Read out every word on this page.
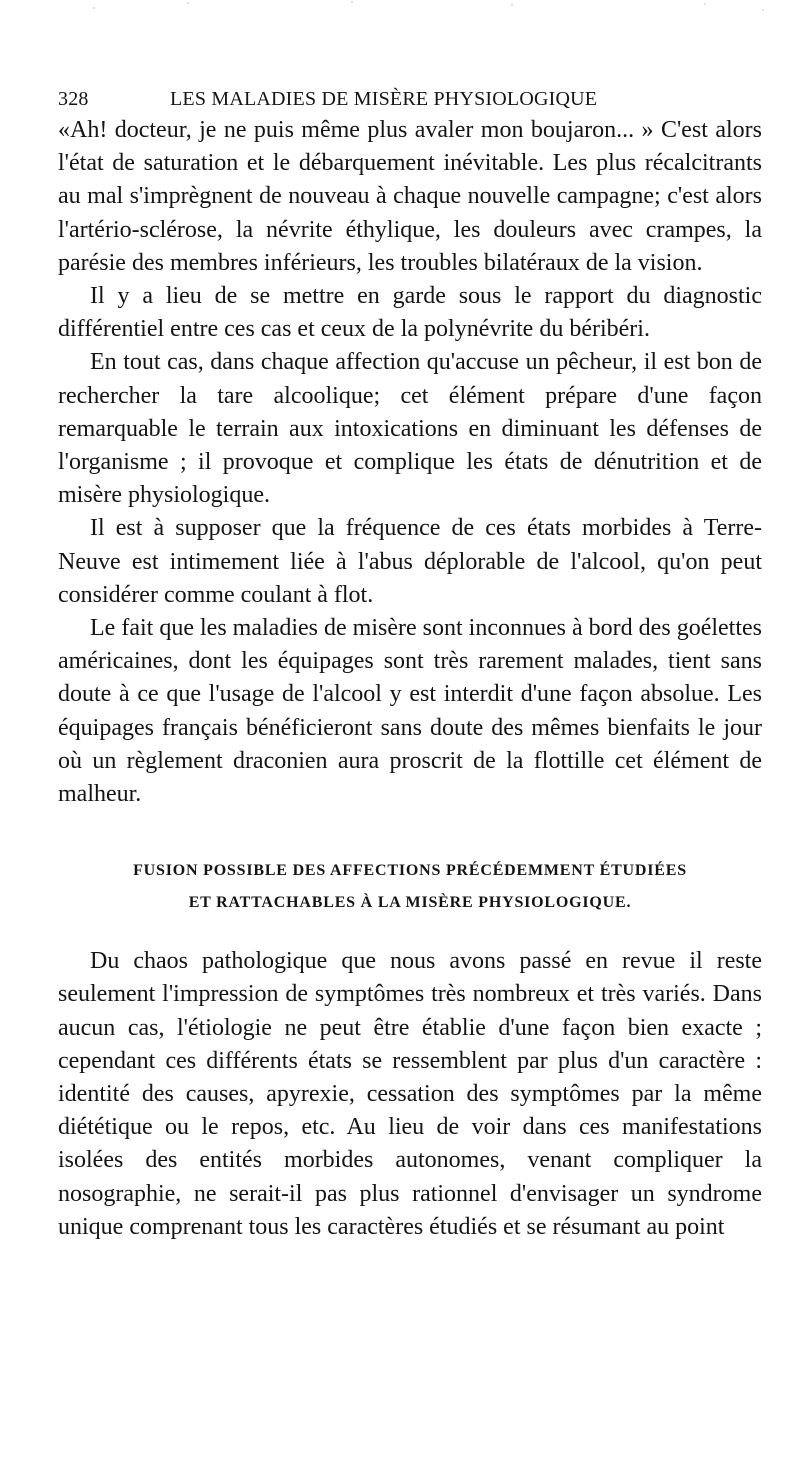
328	LES MALADIES DE MISÈRE PHYSIOLOGIQUE

«Ah! docteur, je ne puis même plus avaler mon boujaron... » C'est alors l'état de saturation et le débarquement inévitable. Les plus récalcitrants au mal s'imprègnent de nouveau à chaque nouvelle campagne; c'est alors l'artério-sclérose, la névrite éthylique, les douleurs avec crampes, la parésie des membres inférieurs, les troubles bilatéraux de la vision.

Il y a lieu de se mettre en garde sous le rapport du diagnostic différentiel entre ces cas et ceux de la polynévrite du béribéri.

En tout cas, dans chaque affection qu'accuse un pêcheur, il est bon de rechercher la tare alcoolique; cet élément prépare d'une façon remarquable le terrain aux intoxications en diminuant les défenses de l'organisme ; il provoque et complique les états de dénutrition et de misère physiologique.

Il est à supposer que la fréquence de ces états morbides à Terre-Neuve est intimement liée à l'abus déplorable de l'alcool, qu'on peut considérer comme coulant à flot.

Le fait que les maladies de misère sont inconnues à bord des goélettes américaines, dont les équipages sont très rarement malades, tient sans doute à ce que l'usage de l'alcool y est interdit d'une façon absolue. Les équipages français bénéficieront sans doute des mêmes bienfaits le jour où un règlement draconien aura proscrit de la flottille cet élément de malheur.

FUSION POSSIBLE DES AFFECTIONS PRÉCÉDEMMENT ÉTUDIÉES
ET RATTACHABLES À LA MISÈRE PHYSIOLOGIQUE.

Du chaos pathologique que nous avons passé en revue il reste seulement l'impression de symptômes très nombreux et très variés. Dans aucun cas, l'étiologie ne peut être établie d'une façon bien exacte ; cependant ces différents états se ressemblent par plus d'un caractère : identité des causes, apyrexie, cessation des symptômes par la même diététique ou le repos, etc. Au lieu de voir dans ces manifestations isolées des entités morbides autonomes, venant compliquer la nosographie, ne serait-il pas plus rationnel d'envisager un syndrome unique comprenant tous les caractères étudiés et se résumant au point
